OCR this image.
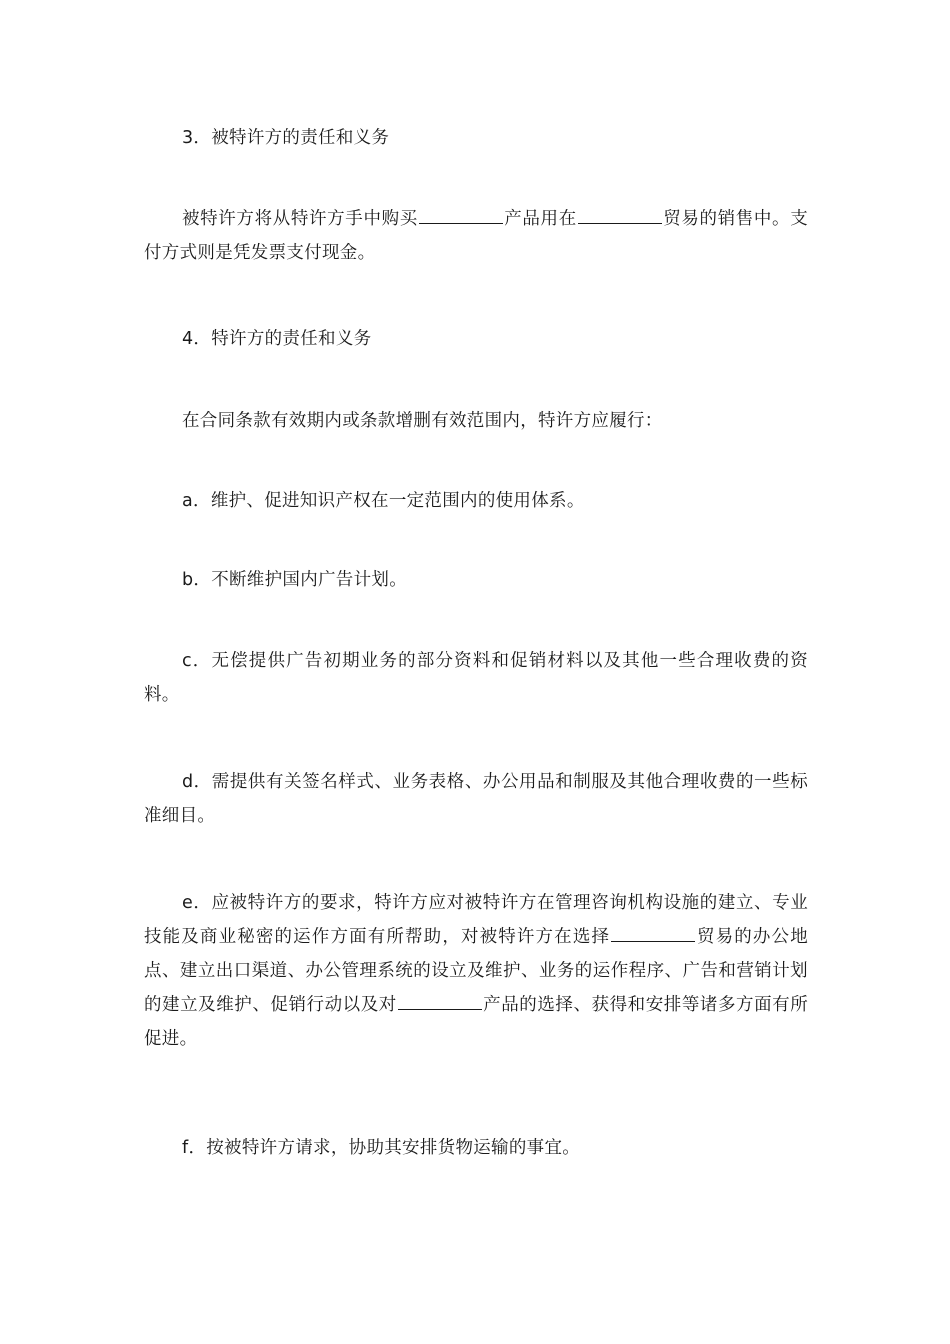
3．被特许方的责任和义务

被特许方将从特许方手中购买	产品用在	贸易的销售中。支付方式则是凭发票支付现金。

4．特许方的责任和义务

在合同条款有效期内或条款增删有效范围内，特许方应履行：

a．维护、促进知识产权在一定范围内的使用体系。

b．不断维护国内广告计划。

c．无偿提供广告初期业务的部分资料和促销材料以及其他一些合理收费的资料。

d．需提供有关签名样式、业务表格、办公用品和制服及其他合理收费的一些标准细目。

e．应被特许方的要求，特许方应对被特许方在管理咨询机构设施的建立、专业技能及商业秘密的运作方面有所帮助，对被特许方在选择	贸易的办公地点、建立出口渠道、办公管理系统的设立及维护、业务的运作程序、广告和营销计划的建立及维护、促销行动以及对	产品的选择、获得和安排等诸多方面有所促进。

f．按被特许方请求，协助其安排货物运输的事宜。
